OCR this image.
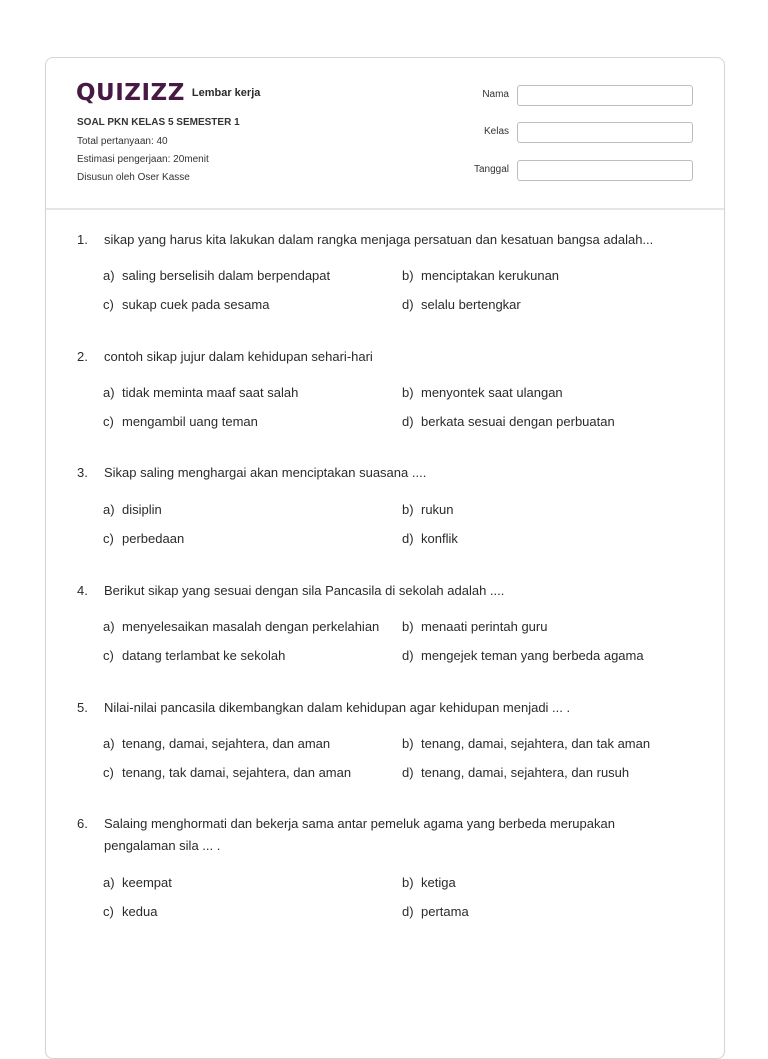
QUIZIZZ Lembar kerja
SOAL PKN KELAS 5 SEMESTER 1
Total pertanyaan: 40
Estimasi pengerjaan: 20menit
Disusun oleh Oser Kasse
Nama
Kelas
Tanggal
1. sikap yang harus kita lakukan dalam rangka menjaga persatuan dan kesatuan bangsa adalah...
a) saling berselisih dalam berpendapat	b) menciptakan kerukunan
c) sukap cuek pada sesama	d) selalu bertengkar
2. contoh sikap jujur dalam kehidupan sehari-hari
a) tidak meminta maaf saat salah	b) menyontek saat ulangan
c) mengambil uang teman	d) berkata sesuai dengan perbuatan
3. Sikap saling menghargai akan menciptakan suasana ....
a) disiplin	b) rukun
c) perbedaan	d) konflik
4. Berikut sikap yang sesuai dengan sila Pancasila di sekolah adalah ....
a) menyelesaikan masalah dengan perkelahian b) menaati perintah guru
c) datang terlambat ke sekolah	d) mengejek teman yang berbeda agama
5. Nilai-nilai pancasila dikembangkan dalam kehidupan agar kehidupan menjadi ... .
a) tenang, damai, sejahtera, dan aman	b) tenang, damai, sejahtera, dan tak aman
c) tenang, tak damai, sejahtera, dan aman	d) tenang, damai, sejahtera, dan rusuh
6. Salaing menghormati dan bekerja sama antar pemeluk agama yang berbeda merupakan pengalaman sila ... .
a) keempat	b) ketiga
c) kedua	d) pertama
